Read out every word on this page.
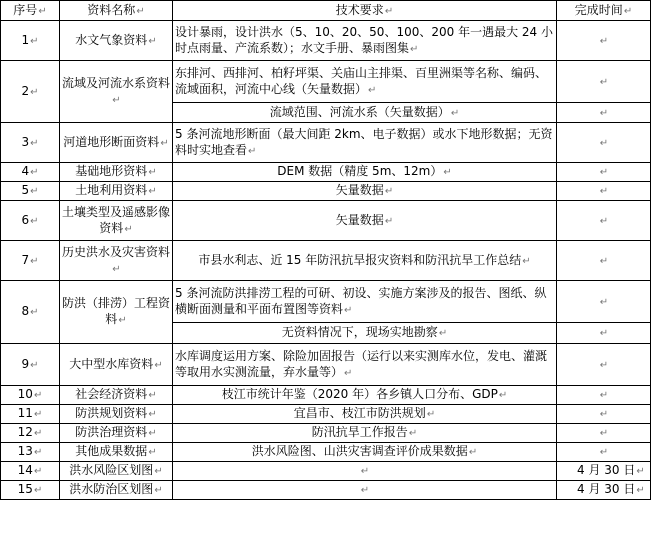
序号↵	资料名称↵	技术要求↵	完成时间↵
1↵	水文气象资料↵	设计暴雨，设计洪水（5、10、20、50、100、200 年一遇最大 24 小时点雨量、产流系数）；水文手册、暴雨图集↵	↵
2↵	流域及河流水系资料↵	东排河、西排河、柏籽坪渠、关庙山主排渠、百里洲渠等名称、编码、流域面积，河流中心线（矢量数据）↵	↵
		流域范围、河流水系（矢量数据）↵	↵
3↵	河道地形断面资料↵	5 条河流地形断面（最大间距 2km、电子数据）或水下地形数据；无资料时实地查看↵	↵
4↵	基础地形资料↵	DEM 数据（精度 5m、12m）↵	↵
5↵	土地利用资料↵	矢量数据↵	↵
6↵	土壤类型及遥感影像资料↵	矢量数据↵	↵
7↵	历史洪水及灾害资料↵	市县水利志、近 15 年防汛抗旱报灾资料和防汛抗旱工作总结↵	↵
8↵	防洪（排涝）工程资料↵	5 条河流防洪排涝工程的可研、初设、实施方案涉及的报告、图纸、纵横断面测量和平面布置图等资料↵	↵
		无资料情况下，现场实地勘察↵	↵
9↵	大中型水库资料↵	水库调度运用方案、除险加固报告（运行以来实测库水位，发电、灌溉等取用水实测流量，弃水量等）↵	↵
10↵	社会经济资料↵	枝江市统计年鉴（2020 年）各乡镇人口分布、GDP↵	↵
11↵	防洪规划资料↵	宜昌市、枝江市防洪规划↵	↵
12↵	防洪治理资料↵	防汛抗旱工作报告↵	↵
13↵	其他成果数据↵	洪水风险图、山洪灾害调查评价成果数据↵	↵
14↵	洪水风险区划图↵	↵	4 月 30 日↵
15↵	洪水防治区划图↵	↵	4 月 30 日↵
